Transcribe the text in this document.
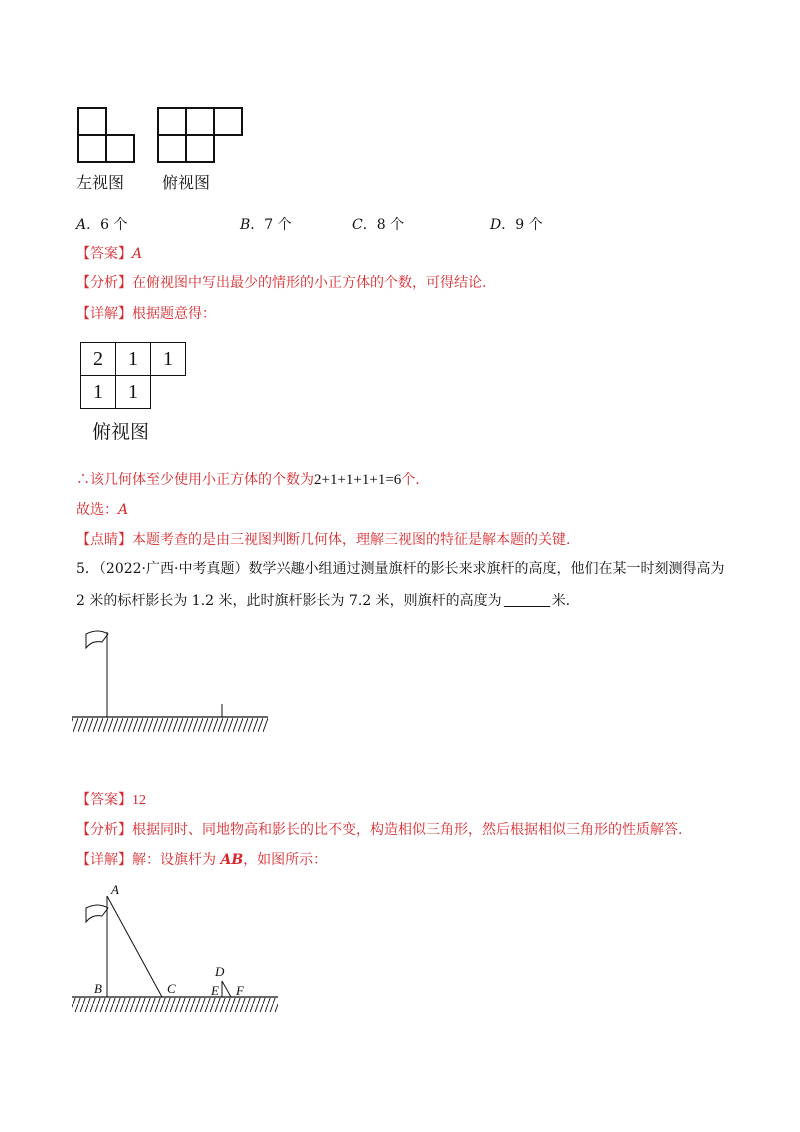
左视图 俯视图
A．6 个	B．7 个	C．8 个	D．9 个
【答案】A
【分析】在俯视图中写出最少的情形的小正方体的个数，可得结论.
【详解】根据题意得：
2	1	1
1	1	
俯视图
∴该几何体至少使用小正方体的个数为2+1+1+1+1=6个.
故选：A
【点睛】本题考查的是由三视图判断几何体，理解三视图的特征是解本题的关键.
5．（2022·广西·中考真题）数学兴趣小组通过测量旗杆的影长来求旗杆的高度，他们在某一时刻测得高为
2 米的标杆影长为 1.2 米，此时旗杆影长为 7.2 米，则旗杆的高度为	米.
【答案】12
【分析】根据同时、同地物高和影长的比不变，构造相似三角形，然后根据相似三角形的性质解答.
【详解】解：设旗杆为 AB，如图所示：
A
B	C
D
E F
